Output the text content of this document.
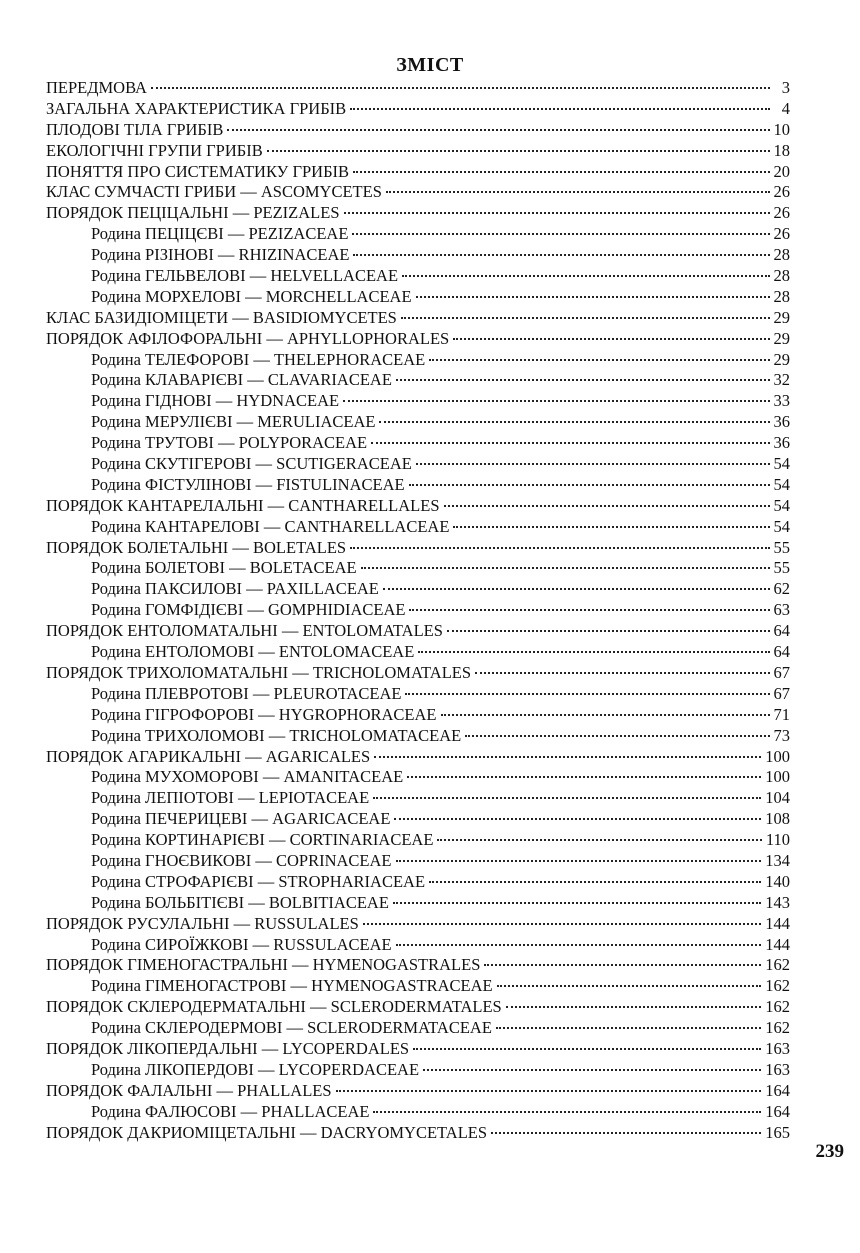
ЗМІСТ
ПЕРЕДМОВА	3
ЗАГАЛЬНА ХАРАКТЕРИСТИКА ГРИБІВ	4
ПЛОДОВІ ТІЛА ГРИБІВ	10
ЕКОЛОГІЧНІ ГРУПИ ГРИБІВ	18
ПОНЯТТЯ ПРО СИСТЕМАТИКУ ГРИБІВ	20
КЛАС СУМЧАСТІ ГРИБИ — ASCOMYCETES	26
ПОРЯДОК ПЕЦІЦАЛЬНІ — PEZIZALES	26
Родина ПЕЦІЦЄВІ — PEZIZACEAE	26
Родина РІЗІНОВІ — RHIZINACEAE	28
Родина ГЕЛЬВЕЛОВІ — HELVELLACEAE	28
Родина МОРХЕЛОВІ — MORCHELLACEAE	28
КЛАС БАЗИДІОМІЦЕТИ — BASIDIOMYCETES	29
ПОРЯДОК АФІЛОФОРАЛЬНІ — APHYLLOPHORALES	29
Родина ТЕЛЕФОРОВІ — THELEPHORACEAE	29
Родина КЛАВАРІЄВІ — CLAVARIACEAE	32
Родина ГІДНОВІ — HYDNACEAE	33
Родина МЕРУЛІЄВІ — MERULIACEAE	36
Родина ТРУТОВІ — POLYPORACEAE	36
Родина СКУТІГЕРОВІ — SCUTIGERACEAE	54
Родина ФІСТУЛІНОВІ — FISTULINACEAE	54
ПОРЯДОК КАНТАРЕЛАЛЬНІ — CANTHARELLALES	54
Родина КАНТАРЕЛОВІ — CANTHARELLACEAE	54
ПОРЯДОК БОЛЕТАЛЬНІ — BOLETALES	55
Родина БОЛЕТОВІ — BOLETACEAE	55
Родина ПАКСИЛОВІ — PAXILLACEAE	62
Родина ГОМФІДІЄВІ — GOMPHIDIACEAE	63
ПОРЯДОК ЕНТОЛОМАТАЛЬНІ — ENTOLOMATALES	64
Родина ЕНТОЛОМОВІ — ENTOLOMACEAE	64
ПОРЯДОК ТРИХОЛОМАТАЛЬНІ — TRICHOLOMATALES	67
Родина ПЛЕВРОТОВІ — PLEUROTACEAE	67
Родина ГІГРОФОРОВІ — HYGROPHORACEAE	71
Родина ТРИХОЛОМОВІ — TRICHOLOMATACEAE	73
ПОРЯДОК АГАРИКАЛЬНІ — AGARICALES	100
Родина МУХОМОРОВІ — AMANITACEAE	100
Родина ЛЕПІОТОВІ — LEPIOTACEAE	104
Родина ПЕЧЕРИЦЕВІ — AGARICACEAE	108
Родина КОРТИНАРІЄВІ — CORTINARIACEAE	110
Родина ГНОЄВИКОВІ — COPRINACEAE	134
Родина СТРОФАРІЄВІ — STROPHARIACEAE	140
Родина БОЛЬБІТІЄВІ — BOLBITIACEAE	143
ПОРЯДОК РУСУЛАЛЬНІ — RUSSULALES	144
Родина СИРОЇЖКОВІ — RUSSULACEAE	144
ПОРЯДОК ГІМЕНОГАСТРАЛЬНІ — HYMENOGASTRALES	162
Родина ГІМЕНОГАСТРОВІ — HYMENOGASTRACEAE	162
ПОРЯДОК СКЛЕРОДЕРМАТАЛЬНІ — SCLERODERMATALES	162
Родина СКЛЕРОДЕРМОВІ — SCLERODERMATACEAE	162
ПОРЯДОК ЛІКОПЕРДАЛЬНІ — LYCOPERDALES	163
Родина ЛІКОПЕРДОВІ — LYCOPERDACEAE	163
ПОРЯДОК ФАЛАЛЬНІ — PHALLALES	164
Родина ФАЛЮСОВІ — PHALLACEAE	164
ПОРЯДОК ДАКРИОМІЦЕТАЛЬНІ — DACRYOMYCETALES	165
239
